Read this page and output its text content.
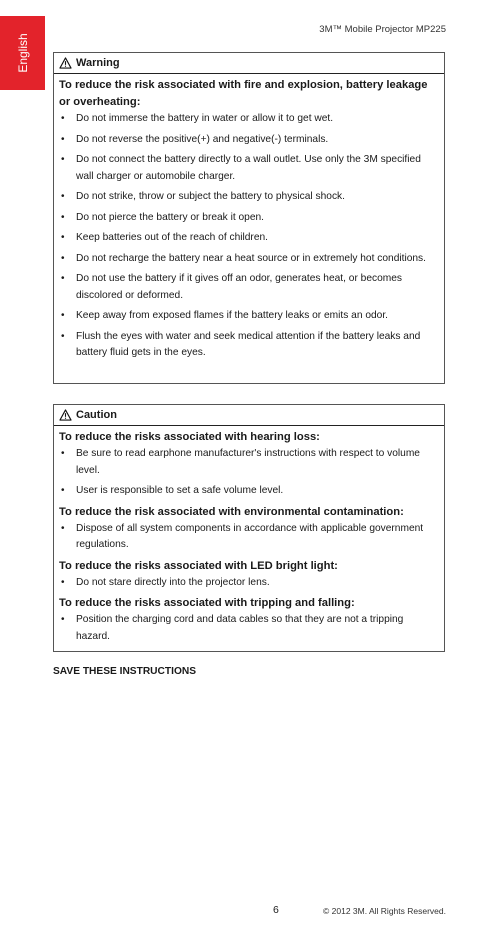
English
3M™ Mobile Projector MP225
Warning

To reduce the risk associated with fire and explosion, battery leakage or overheating:

• Do not immerse the battery in water or allow it to get wet.
• Do not reverse the positive(+) and negative(-) terminals.
• Do not connect the battery directly to a wall outlet. Use only the 3M specified wall charger or automobile charger.
• Do not strike, throw or subject the battery to physical shock.
• Do not pierce the battery or break it open.
• Keep batteries out of the reach of children.
• Do not recharge the battery near a heat source or in extremely hot conditions.
• Do not use the battery if it gives off an odor, generates heat, or becomes discolored or deformed.
• Keep away from exposed flames if the battery leaks or emits an odor.
• Flush the eyes with water and seek medical attention if the battery leaks and battery fluid gets in the eyes.
Caution

To reduce the risks associated with hearing loss:

• Be sure to read earphone manufacturer's instructions with respect to volume level.
• User is responsible to set a safe volume level.

To reduce the risk associated with environmental contamination:

• Dispose of all system components in accordance with applicable government regulations.

To reduce the risks associated with LED bright light:

• Do not stare directly into the projector lens.

To reduce the risks associated with tripping and falling:

• Position the charging cord and data cables so that they are not a tripping hazard.
SAVE THESE INSTRUCTIONS
6	© 2012 3M. All Rights Reserved.
